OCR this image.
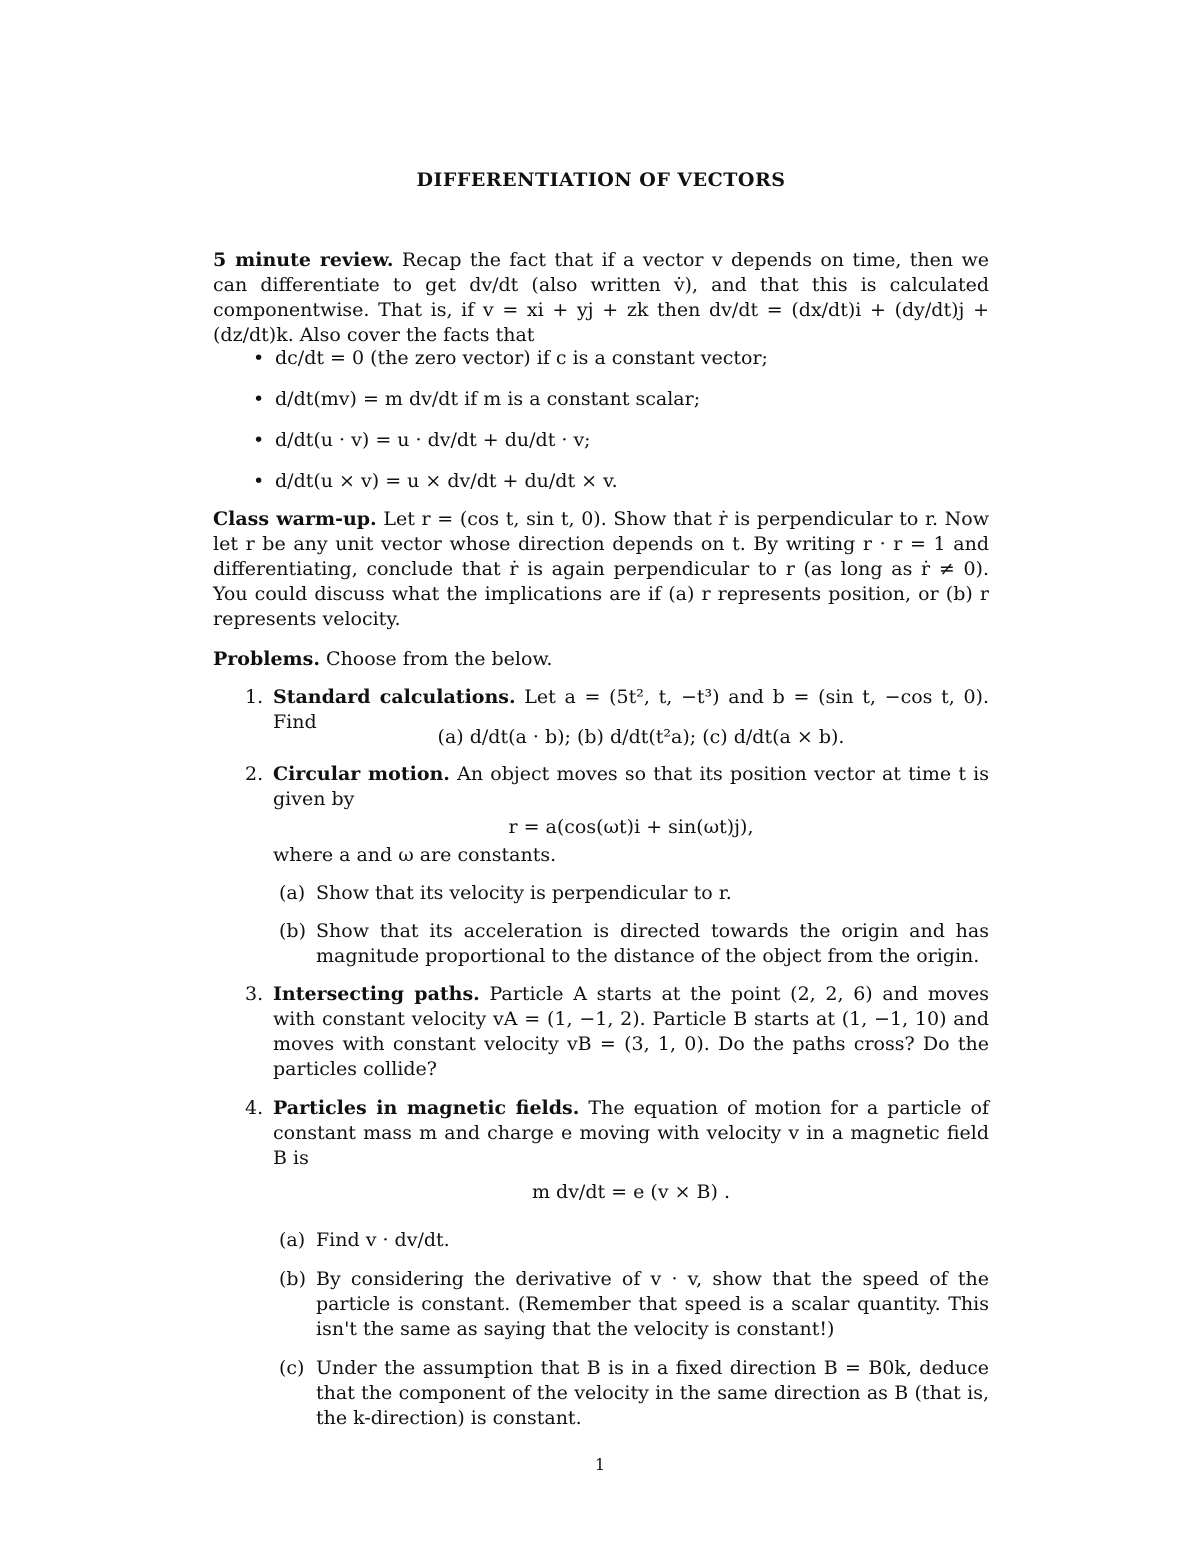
DIFFERENTIATION OF VECTORS

5 minute review. Recap the fact that if a vector v depends on time, then we can differentiate to get dv/dt (also written v̇), and that this is calculated componentwise. That is, if v = xi + yj + zk then dv/dt = (dx/dt)i + (dy/dt)j + (dz/dt)k. Also cover the facts that

• dc/dt = 0 (the zero vector) if c is a constant vector;
• d/dt(mv) = m dv/dt if m is a constant scalar;
• d/dt(u · v) = u · dv/dt + du/dt · v;
• d/dt(u × v) = u × dv/dt + du/dt × v.

Class warm-up. Let r = (cos t, sin t, 0). Show that ṙ is perpendicular to r. Now let r be any unit vector whose direction depends on t. By writing r · r = 1 and differentiating, conclude that ṙ is again perpendicular to r (as long as ṙ ≠ 0). You could discuss what the implications are if (a) r represents position, or (b) r represents velocity.

Problems. Choose from the below.

1. Standard calculations. Let a = (5t², t, −t³) and b = (sin t, −cos t, 0). Find
(a) d/dt(a · b); (b) d/dt(t²a); (c) d/dt(a × b).
2. Circular motion. An object moves so that its position vector at time t is given by
r = a(cos(ωt)i + sin(ωt)j),
where a and ω are constants.
(a) Show that its velocity is perpendicular to r.
(b) Show that its acceleration is directed towards the origin and has magnitude proportional to the distance of the object from the origin.
3. Intersecting paths. Particle A starts at the point (2, 2, 6) and moves with constant velocity vA = (1, −1, 2). Particle B starts at (1, −1, 10) and moves with constant velocity vB = (3, 1, 0). Do the paths cross? Do the particles collide?
4. Particles in magnetic fields. The equation of motion for a particle of constant mass m and charge e moving with velocity v in a magnetic field B is
m dv/dt = e (v × B) .
(a) Find v · dv/dt.
(b) By considering the derivative of v · v, show that the speed of the particle is constant. (Remember that speed is a scalar quantity. This isn't the same as saying that the velocity is constant!)
(c) Under the assumption that B is in a fixed direction B = B0k, deduce that the component of the velocity in the same direction as B (that is, the k-direction) is constant.
1
